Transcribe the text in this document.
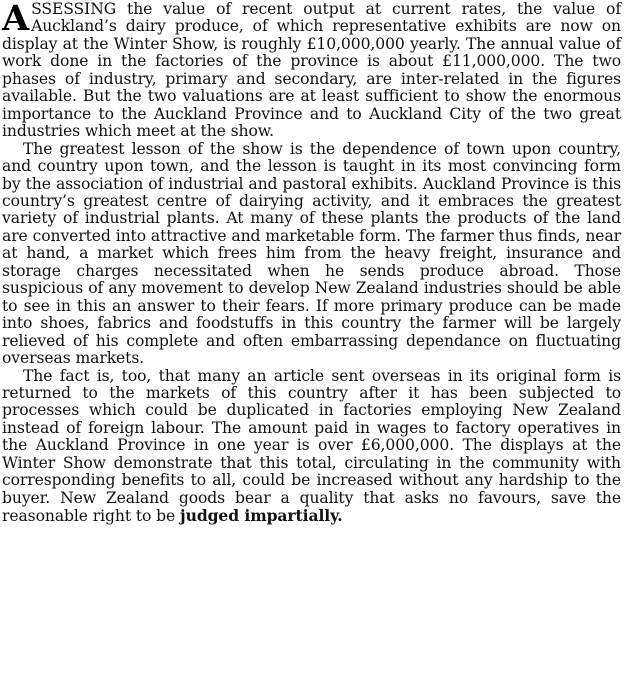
ASSESSING the value of recent output at current rates, the value of Auckland’s dairy produce, of which representative exhibits are now on display at the Winter Show, is roughly £10,000,000 yearly. The annual value of work done in the factories of the province is about £11,000,000. The two phases of industry, primary and secondary, are inter-related in the figures available. But the two valuations are at least sufficient to show the enormous importance to the Auckland Province and to Auckland City of the two great industries which meet at the show.

The greatest lesson of the show is the dependence of town upon country, and country upon town, and the lesson is taught in its most convincing form by the association of industrial and pastoral exhibits. Auckland Province is this country’s greatest centre of dairying activity, and it embraces the greatest variety of industrial plants. At many of these plants the products of the land are converted into attractive and marketable form. The farmer thus finds, near at hand, a market which frees him from the heavy freight, insurance and storage charges necessitated when he sends produce abroad. Those suspicious of any movement to develop New Zealand industries should be able to see in this an answer to their fears. If more primary produce can be made into shoes, fabrics and foodstuffs in this country the farmer will be largely relieved of his complete and often embarrassing dependance on fluctuating overseas markets.

The fact is, too, that many an article sent overseas in its original form is returned to the markets of this country after it has been subjected to processes which could be duplicated in factories employing New Zealand instead of foreign labour. The amount paid in wages to factory operatives in the Auckland Province in one year is over £6,000,000. The displays at the Winter Show demonstrate that this total, circulating in the community with corresponding benefits to all, could be increased without any hardship to the buyer. New Zealand goods bear a quality that asks no favours, save the reasonable right to be judged impartially.
